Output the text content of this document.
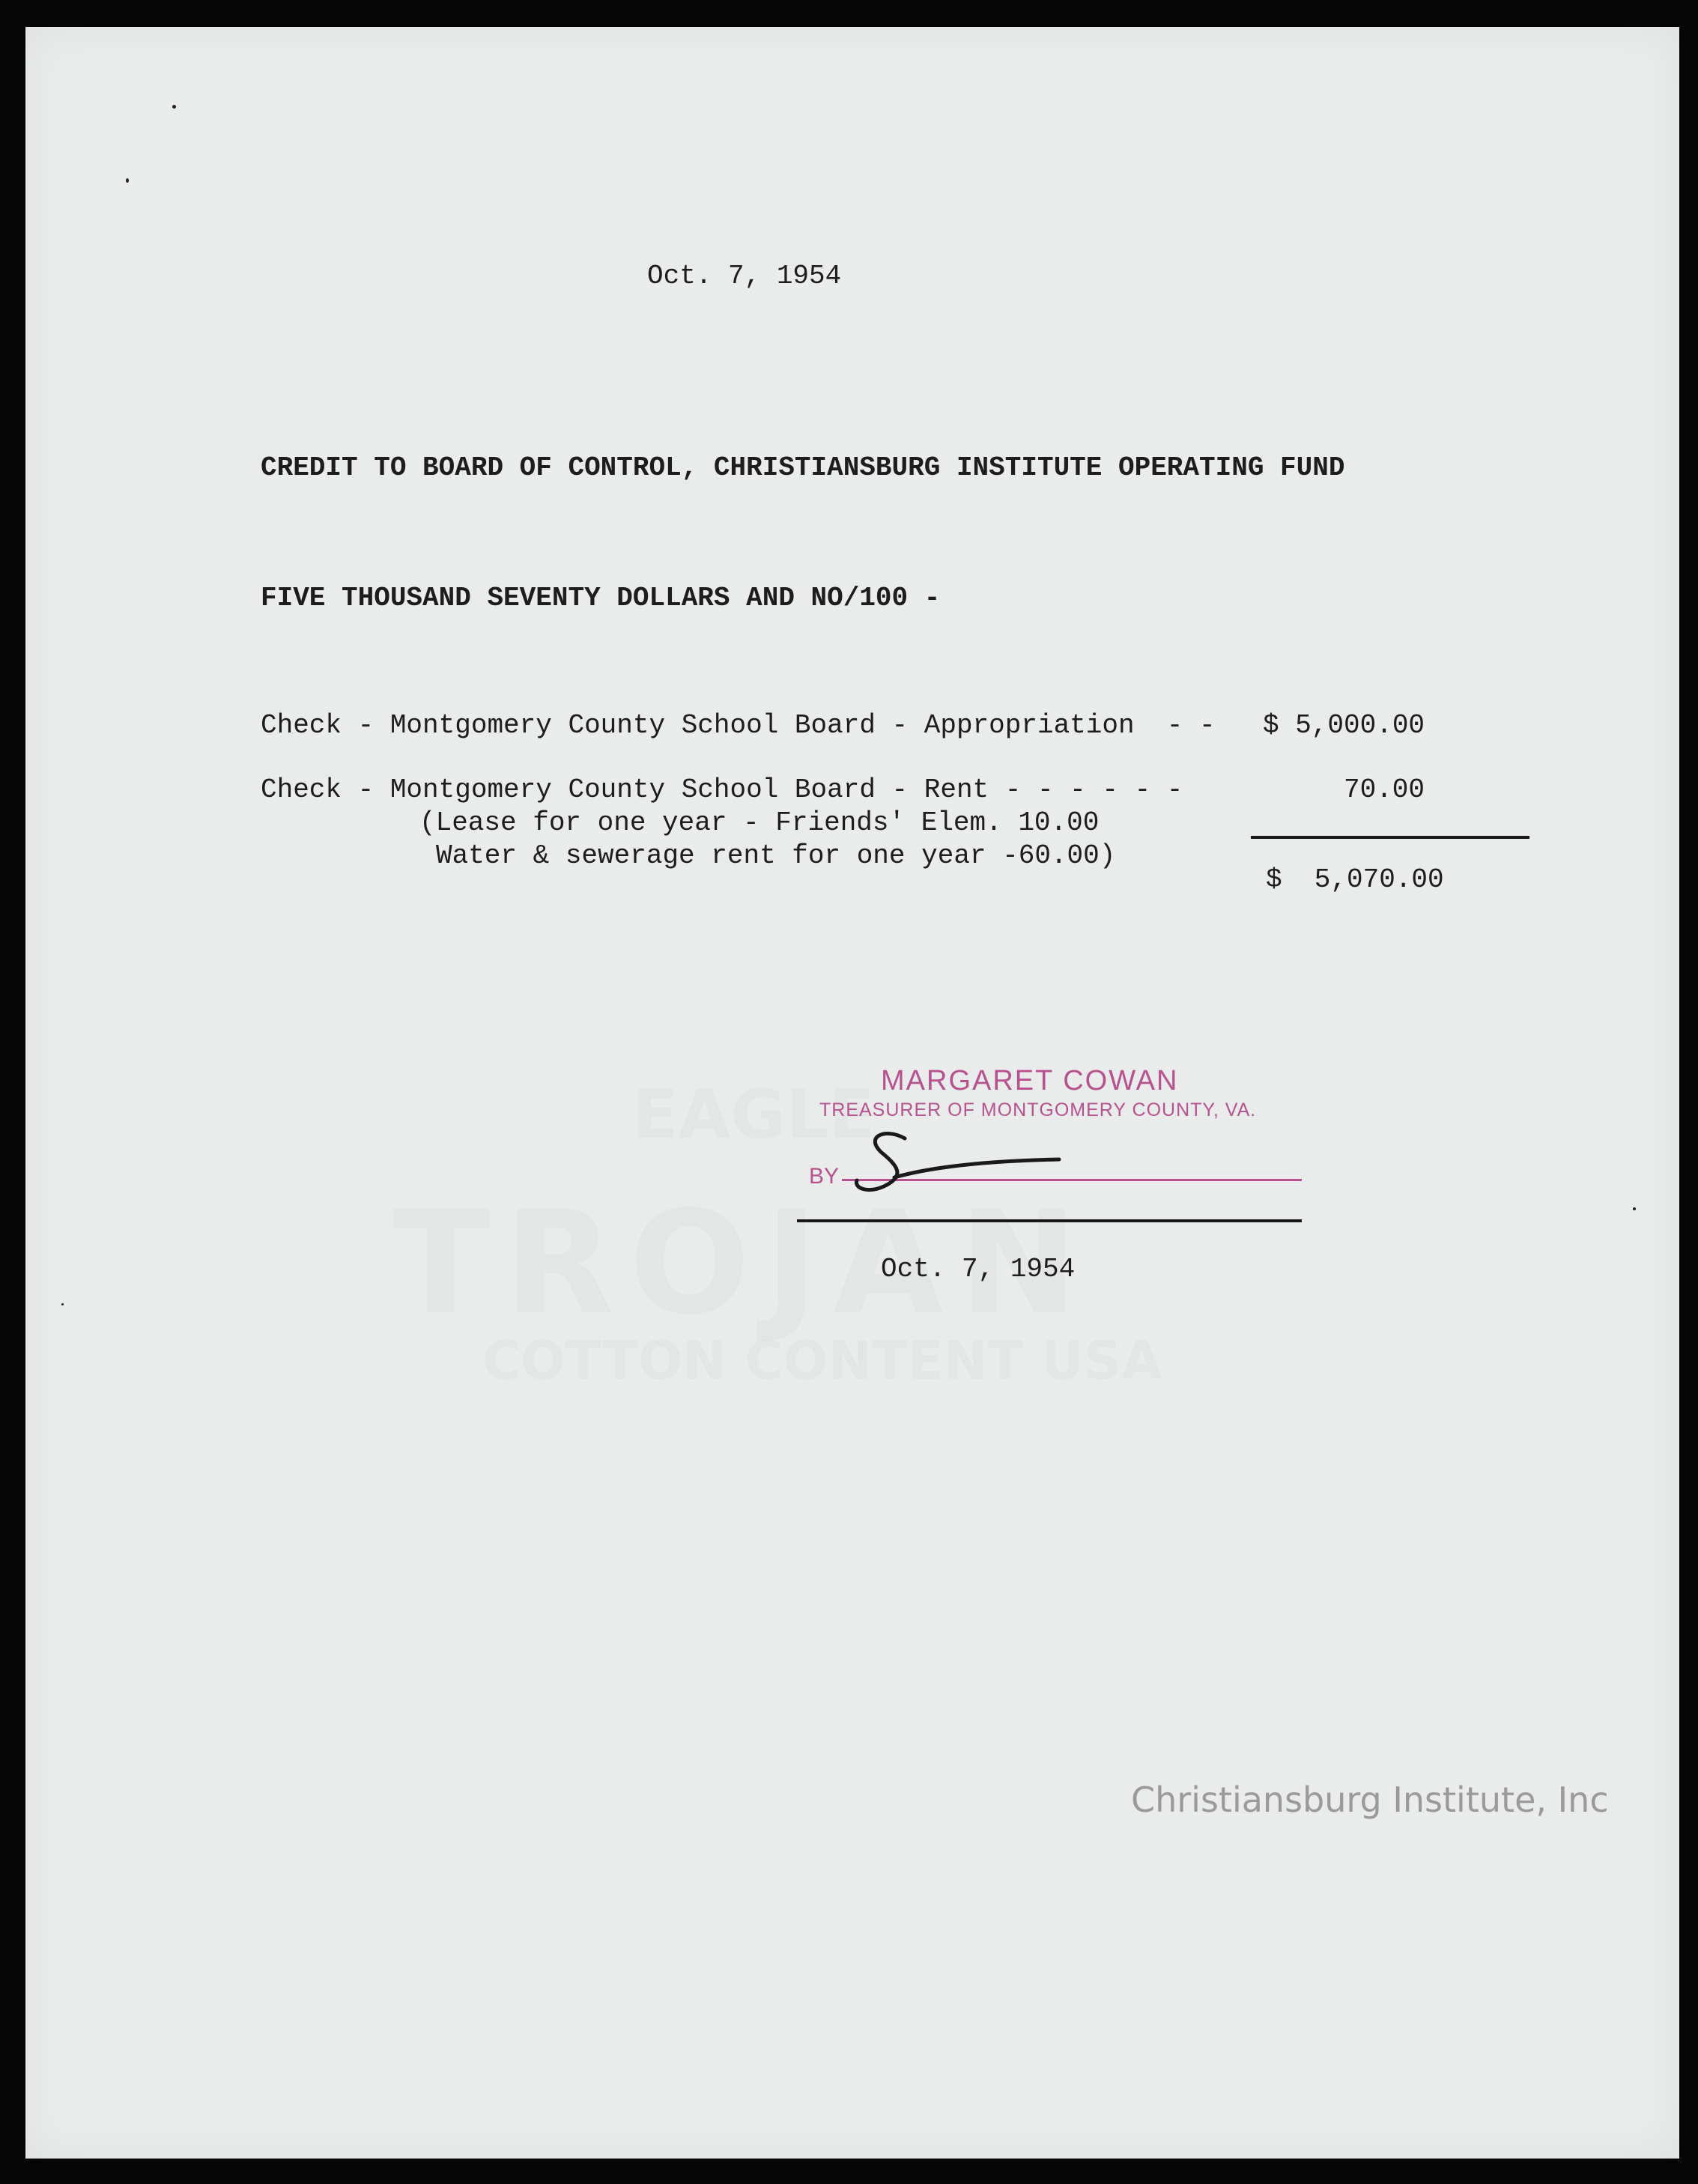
Oct. 7, 1954
CREDIT TO BOARD OF CONTROL, CHRISTIANSBURG INSTITUTE OPERATING FUND
FIVE THOUSAND SEVENTY DOLLARS AND NO/100 -
Check - Montgomery County School Board - Appropriation  - - $ 5,000.00
Check - Montgomery County School Board - Rent - - - - - -	70.00
(Lease for one year - Friends' Elem. 10.00
Water & sewerage rent for one year -60.00)
$  5,070.00
MARGARET COWAN
TREASURER OF MONTGOMERY COUNTY, VA.
BY
Oct. 7, 1954
Christiansburg Institute, Inc
